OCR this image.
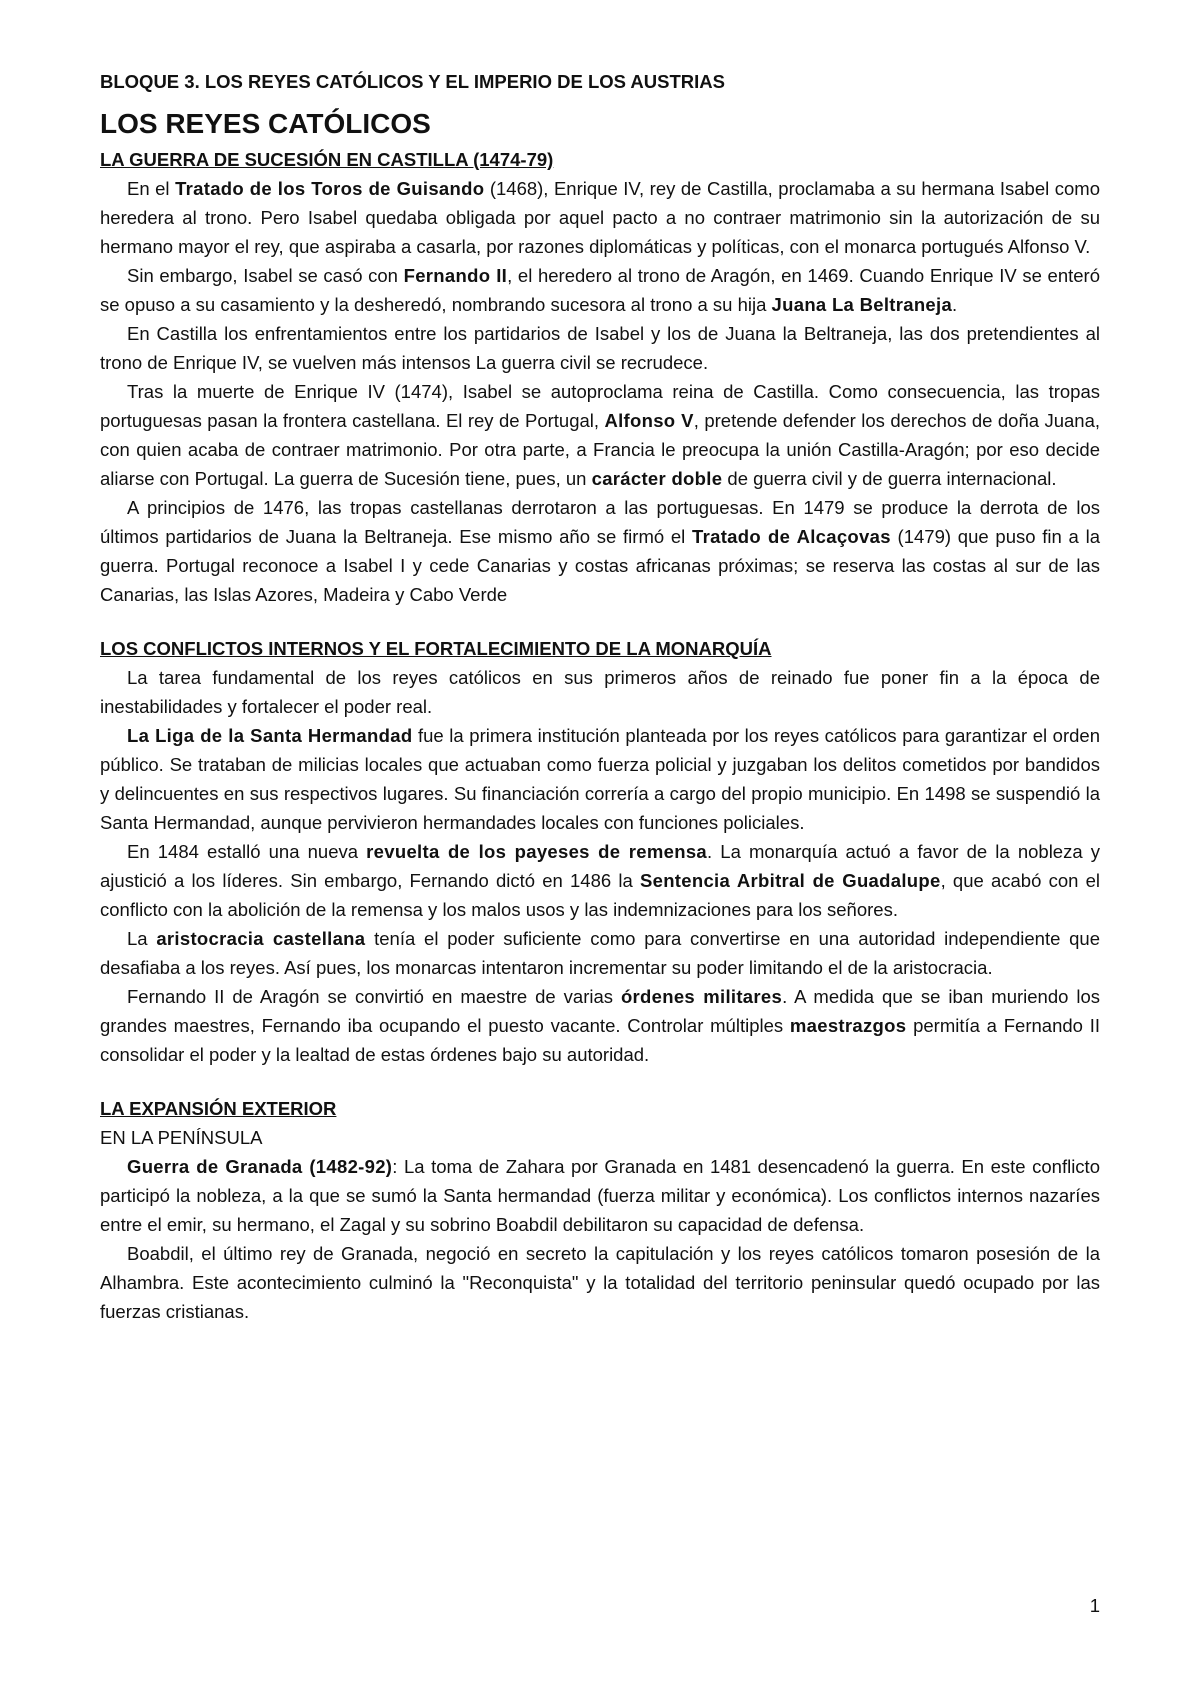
BLOQUE 3. LOS REYES CATÓLICOS Y EL IMPERIO DE LOS AUSTRIAS
LOS REYES CATÓLICOS
LA GUERRA DE SUCESIÓN EN CASTILLA (1474-79)

En el Tratado de los Toros de Guisando (1468), Enrique IV, rey de Castilla, proclamaba a su hermana Isabel como heredera al trono. Pero Isabel quedaba obligada por aquel pacto a no contraer matrimonio sin la autorización de su hermano mayor el rey, que aspiraba a casarla, por razones diplomáticas y políticas, con el monarca portugués Alfonso V.

Sin embargo, Isabel se casó con Fernando II, el heredero al trono de Aragón, en 1469. Cuando Enrique IV se enteró se opuso a su casamiento y la desheredó, nombrando sucesora al trono a su hija Juana La Beltraneja.

En Castilla los enfrentamientos entre los partidarios de Isabel y los de Juana la Beltraneja, las dos pretendientes al trono de Enrique IV, se vuelven más intensos La guerra civil se recrudece.

Tras la muerte de Enrique IV (1474), Isabel se autoproclama reina de Castilla. Como consecuencia, las tropas portuguesas pasan la frontera castellana. El rey de Portugal, Alfonso V, pretende defender los derechos de doña Juana, con quien acaba de contraer matrimonio. Por otra parte, a Francia le preocupa la unión Castilla-Aragón; por eso decide aliarse con Portugal. La guerra de Sucesión tiene, pues, un carácter doble de guerra civil y de guerra internacional.

A principios de 1476, las tropas castellanas derrotaron a las portuguesas. En 1479 se produce la derrota de los últimos partidarios de Juana la Beltraneja. Ese mismo año se firmó el Tratado de Alcaçovas (1479) que puso fin a la guerra. Portugal reconoce a Isabel I y cede Canarias y costas africanas próximas; se reserva las costas al sur de las Canarias, las Islas Azores, Madeira y Cabo Verde

LOS CONFLICTOS INTERNOS Y EL FORTALECIMIENTO DE LA MONARQUÍA

La tarea fundamental de los reyes católicos en sus primeros años de reinado fue poner fin a la época de inestabilidades y fortalecer el poder real.

La Liga de la Santa Hermandad fue la primera institución planteada por los reyes católicos para garantizar el orden público. Se trataban de milicias locales que actuaban como fuerza policial y juzgaban los delitos cometidos por bandidos y delincuentes en sus respectivos lugares. Su financiación correría a cargo del propio municipio. En 1498 se suspendió la Santa Hermandad, aunque pervivieron hermandades locales con funciones policiales.

En 1484 estalló una nueva revuelta de los payeses de remensa. La monarquía actuó a favor de la nobleza y ajustició a los líderes. Sin embargo, Fernando dictó en 1486 la Sentencia Arbitral de Guadalupe, que acabó con el conflicto con la abolición de la remensa y los malos usos y las indemnizaciones para los señores.

La aristocracia castellana tenía el poder suficiente como para convertirse en una autoridad independiente que desafiaba a los reyes. Así pues, los monarcas intentaron incrementar su poder limitando el de la aristocracia.

Fernando II de Aragón se convirtió en maestre de varias órdenes militares. A medida que se iban muriendo los grandes maestres, Fernando iba ocupando el puesto vacante. Controlar múltiples maestrazgos permitía a Fernando II consolidar el poder y la lealtad de estas órdenes bajo su autoridad.

LA EXPANSIÓN EXTERIOR
EN LA PENÍNSULA

Guerra de Granada (1482-92): La toma de Zahara por Granada en 1481 desencadenó la guerra. En este conflicto participó la nobleza, a la que se sumó la Santa hermandad (fuerza militar y económica). Los conflictos internos nazaríes entre el emir, su hermano, el Zagal y su sobrino Boabdil debilitaron su capacidad de defensa.

Boabdil, el último rey de Granada, negoció en secreto la capitulación y los reyes católicos tomaron posesión de la Alhambra. Este acontecimiento culminó la "Reconquista" y la totalidad del territorio peninsular quedó ocupado por las fuerzas cristianas.

1
